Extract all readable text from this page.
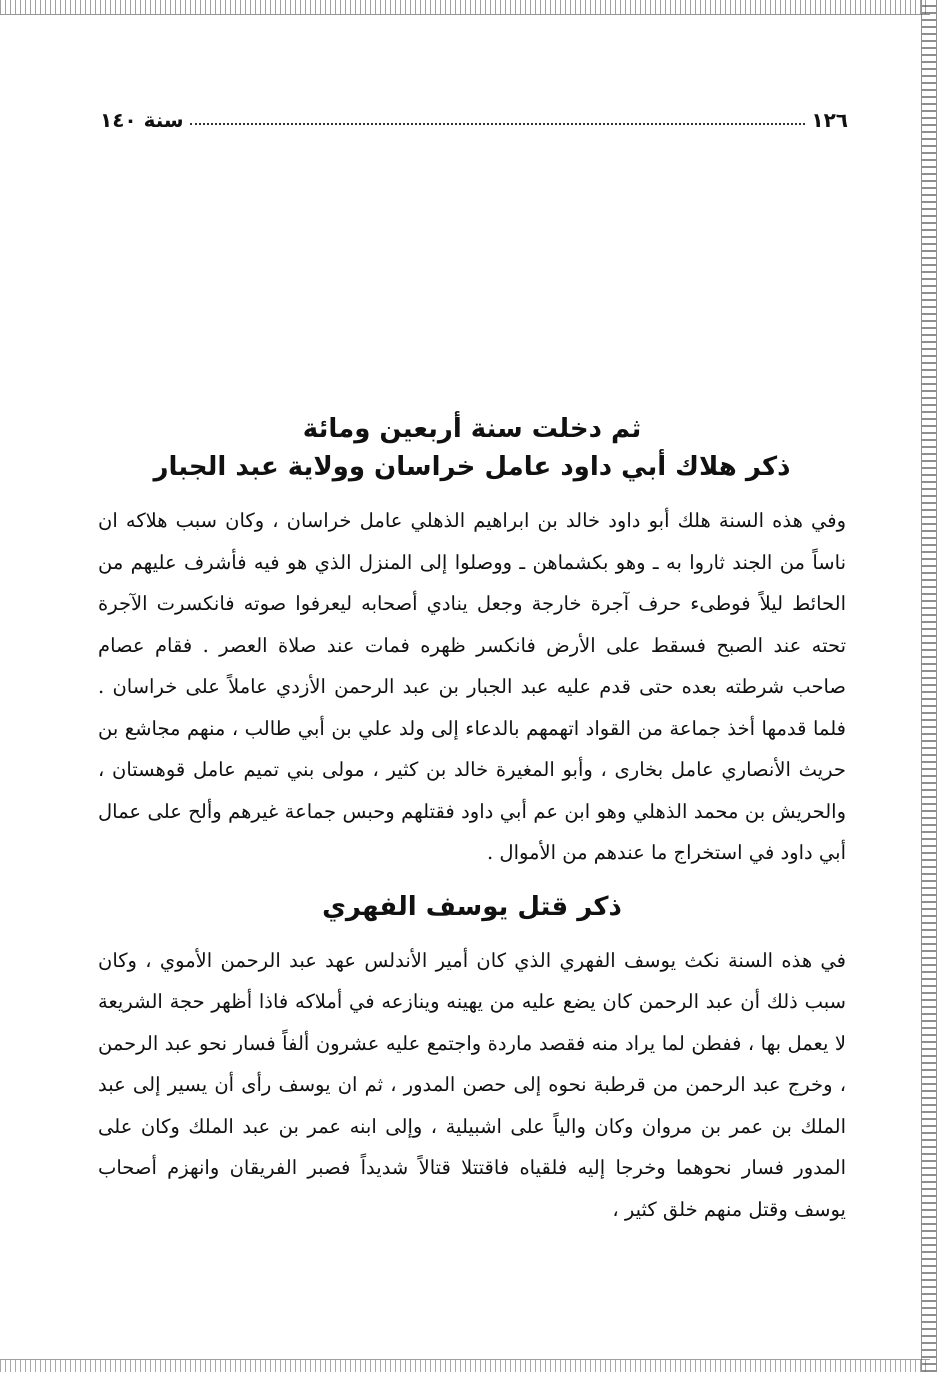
١٢٦
سنة ١٤٠
ثم دخلت سنة أربعين ومائة
ذكر هلاك أبي داود عامل خراسان وولاية عبد الجبار

وفي هذه السنة هلك أبو داود خالد بن ابراهيم الذهلي عامل خراسان ، وكان سبب هلاكه ان ناساً من الجند ثاروا به ـ وهو بكشماهن ـ ووصلوا إلى المنزل الذي هو فيه فأشرف عليهم من الحائط ليلاً فوطىء حرف آجرة خارجة وجعل ينادي أصحابه ليعرفوا صوته فانكسرت الآجرة تحته عند الصبح فسقط على الأرض فانكسر ظهره فمات عند صلاة العصر . فقام عصام صاحب شرطته بعده حتى قدم عليه عبد الجبار بن عبد الرحمن الأزدي عاملاً على خراسان . فلما قدمها أخذ جماعة من القواد اتهمهم بالدعاء إلى ولد علي بن أبي طالب ، منهم مجاشع بن حريث الأنصاري عامل بخارى ، وأبو المغيرة خالد بن كثير ، مولى بني تميم عامل قوهستان ، والحريش بن محمد الذهلي وهو ابن عم أبي داود فقتلهم وحبس جماعة غيرهم وألح على عمال أبي داود في استخراج ما عندهم من الأموال .

ذكر قتل يوسف الفهري

في هذه السنة نكث يوسف الفهري الذي كان أمير الأندلس عهد عبد الرحمن الأموي ، وكان سبب ذلك أن عبد الرحمن كان يضع عليه من يهينه وينازعه في أملاكه فاذا أظهر حجة الشريعة لا يعمل بها ، ففطن لما يراد منه فقصد ماردة واجتمع عليه عشرون ألفاً فسار نحو عبد الرحمن ، وخرج عبد الرحمن من قرطبة نحوه إلى حصن المدور ، ثم ان يوسف رأى أن يسير إلى عبد الملك بن عمر بن مروان وكان والياً على اشبيلية ، وإلى ابنه عمر بن عبد الملك وكان على المدور فسار نحوهما وخرجا إليه فلقياه فاقتتلا قتالاً شديداً فصبر الفريقان وانهزم أصحاب يوسف وقتل منهم خلق كثير ،
